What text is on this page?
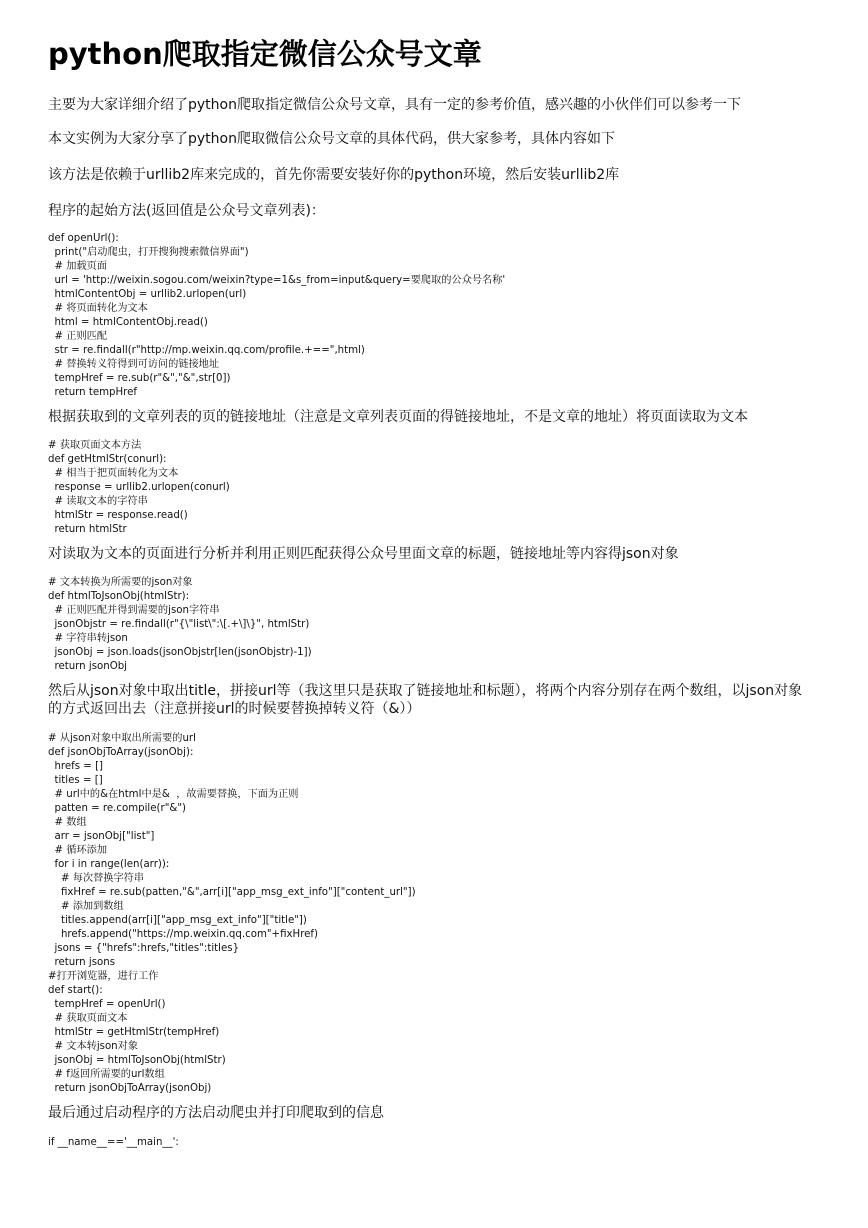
python爬取指定微信公众号文章

主要为大家详细介绍了python爬取指定微信公众号文章，具有一定的参考价值，感兴趣的小伙伴们可以参考一下

本文实例为大家分享了python爬取微信公众号文章的具体代码，供大家参考，具体内容如下

该方法是依赖于urllib2库来完成的，首先你需要安装好你的python环境，然后安装urllib2库

程序的起始方法(返回值是公众号文章列表)：

def openUrl():
print("启动爬虫，打开搜狗搜索微信界面")
# 加载页面
url = 'http://weixin.sogou.com/weixin?type=1&s_from=input&query=要爬取的公众号名称'
htmlContentObj = urllib2.urlopen(url)
# 将页面转化为文本
html = htmlContentObj.read()
# 正则匹配
str = re.findall(r"http://mp.weixin.qq.com/profile.+==",html)
# 替换转义符得到可访问的链接地址
tempHref = re.sub(r"&","&",str[0])
return tempHref

根据获取到的文章列表的页的链接地址（注意是文章列表页面的得链接地址，不是文章的地址）将页面读取为文本

# 获取页面文本方法
def getHtmlStr(conurl):
# 相当于把页面转化为文本
response = urllib2.urlopen(conurl)
# 读取文本的字符串
htmlStr = response.read()
return htmlStr

对读取为文本的页面进行分析并利用正则匹配获得公众号里面文章的标题，链接地址等内容得json对象

# 文本转换为所需要的json对象
def htmlToJsonObj(htmlStr):
# 正则匹配并得到需要的json字符串
jsonObjstr = re.findall(r"{\"list\":\[.+\]\}", htmlStr)
# 字符串转json
jsonObj = json.loads(jsonObjstr[len(jsonObjstr)-1])
return jsonObj

然后从json对象中取出title，拼接url等（我这里只是获取了链接地址和标题），将两个内容分别存在两个数组，以json对象的方式返回出去（注意拼接url的时候要替换掉转义符（&））

# 从json对象中取出所需要的url
def jsonObjToArray(jsonObj):
hrefs = []
titles = []
# url中的&在html中是&  ，故需要替换，下面为正则
patten = re.compile(r"&")
# 数组
arr = jsonObj["list"]
# 循环添加
for i in range(len(arr)):
# 每次替换字符串
fixHref = re.sub(patten,"&",arr[i]["app_msg_ext_info"]["content_url"])
# 添加到数组
titles.append(arr[i]["app_msg_ext_info"]["title"])
hrefs.append("https://mp.weixin.qq.com"+fixHref)
jsons = {"hrefs":hrefs,"titles":titles}
return jsons
#打开浏览器，进行工作
def start():
tempHref = openUrl()
# 获取页面文本
htmlStr = getHtmlStr(tempHref)
# 文本转json对象
jsonObj = htmlToJsonObj(htmlStr)
# f返回所需要的url数组
return jsonObjToArray(jsonObj)

最后通过启动程序的方法启动爬虫并打印爬取到的信息

if __name__=='__main__':
